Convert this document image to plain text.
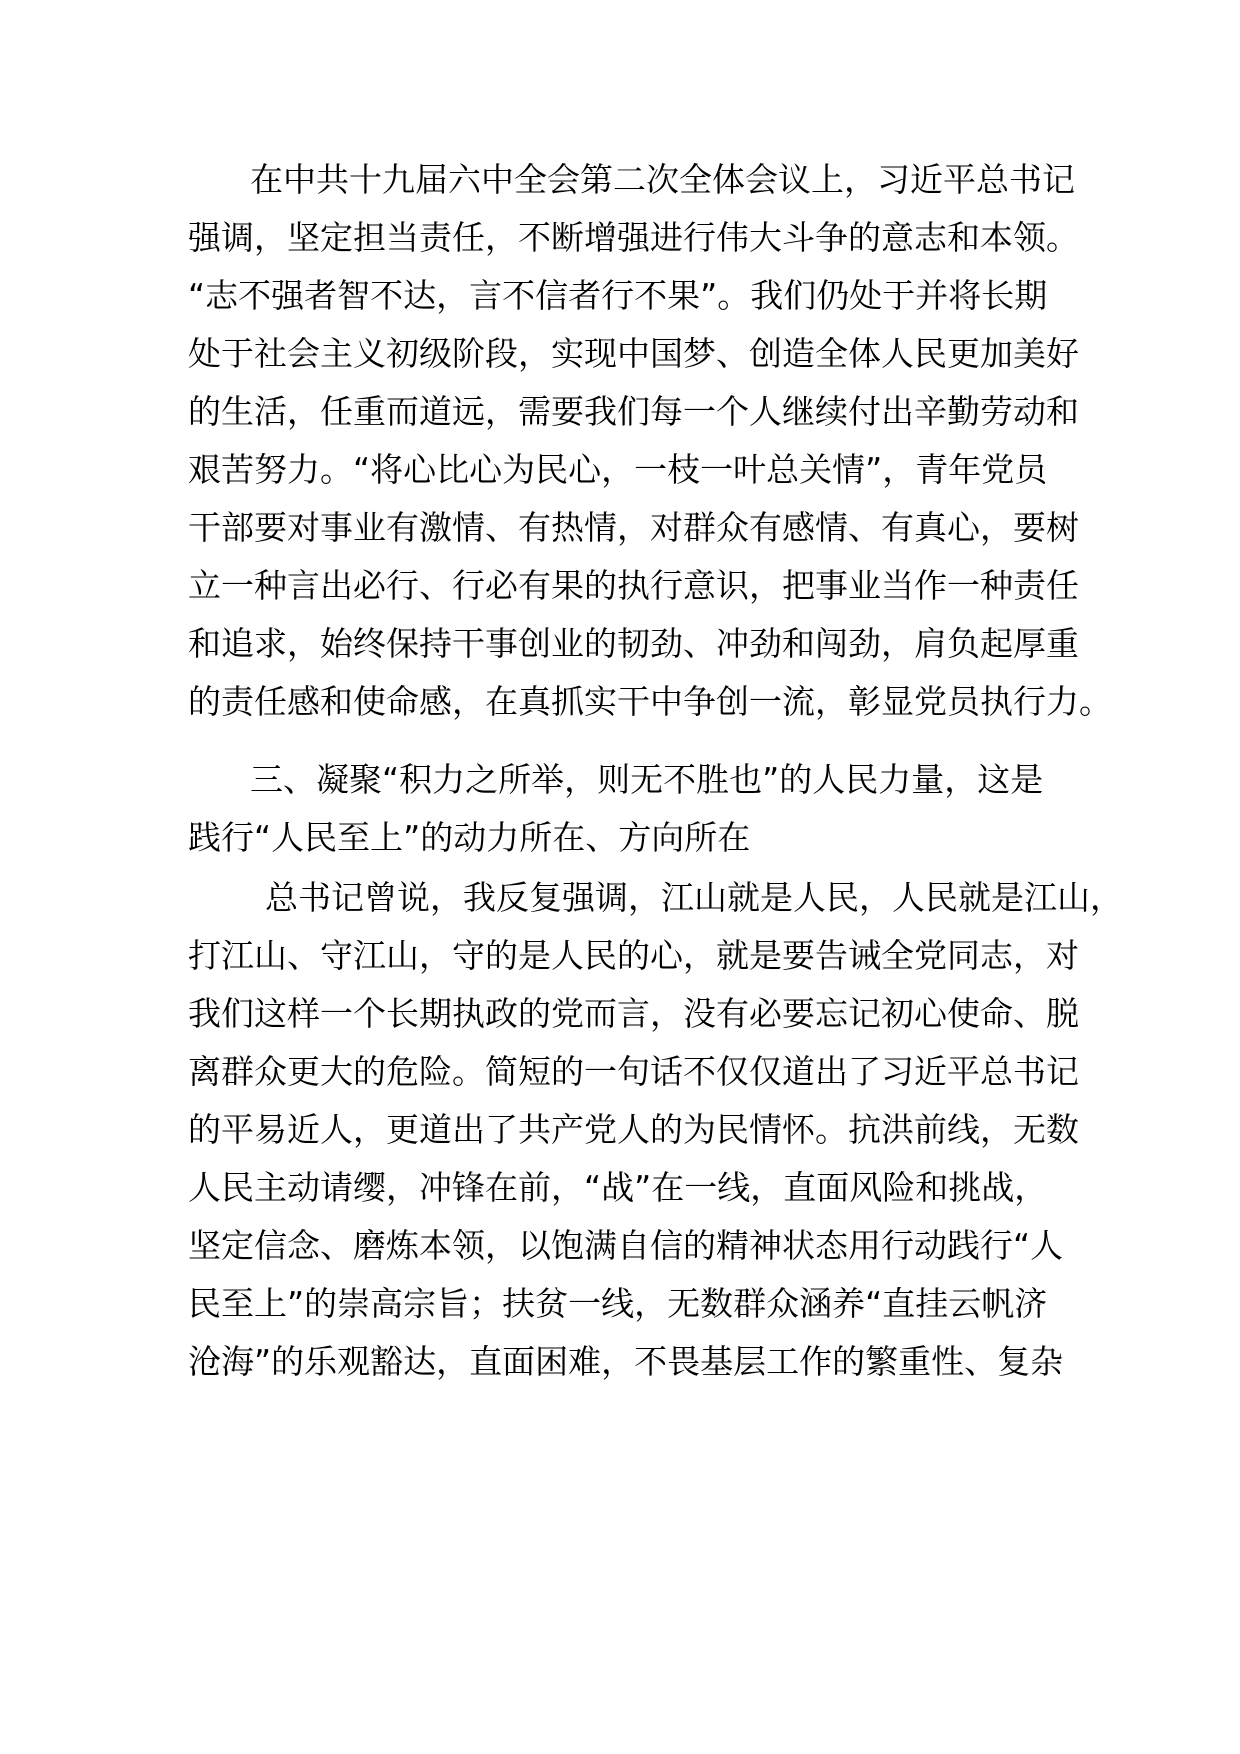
在中共十九届六中全会第二次全体会议上，习近平总书记
强调，坚定担当责任，不断增强进行伟大斗争的意志和本领。
“志不强者智不达，言不信者行不果”。我们仍处于并将长期
处于社会主义初级阶段，实现中国梦、创造全体人民更加美好
的生活，任重而道远，需要我们每一个人继续付出辛勤劳动和
艰苦努力。“将心比心为民心，一枝一叶总关情”，青年党员
干部要对事业有激情、有热情，对群众有感情、有真心，要树
立一种言出必行、行必有果的执行意识，把事业当作一种责任
和追求，始终保持干事创业的韧劲、冲劲和闯劲，肩负起厚重
的责任感和使命感，在真抓实干中争创一流，彰显党员执行力。
三、凝聚“积力之所举，则无不胜也”的人民力量，这是
践行“人民至上”的动力所在、方向所在
总书记曾说，我反复强调，江山就是人民，人民就是江山，
打江山、守江山，守的是人民的心，就是要告诫全党同志，对
我们这样一个长期执政的党而言，没有必要忘记初心使命、脱
离群众更大的危险。简短的一句话不仅仅道出了习近平总书记
的平易近人，更道出了共产党人的为民情怀。抗洪前线，无数
人民主动请缨，冲锋在前，“战”在一线，直面风险和挑战，
坚定信念、磨炼本领，以饱满自信的精神状态用行动践行“人
民至上”的崇高宗旨；扶贫一线，无数群众涵养“直挂云帆济
沧海”的乐观豁达，直面困难，不畏基层工作的繁重性、复杂
